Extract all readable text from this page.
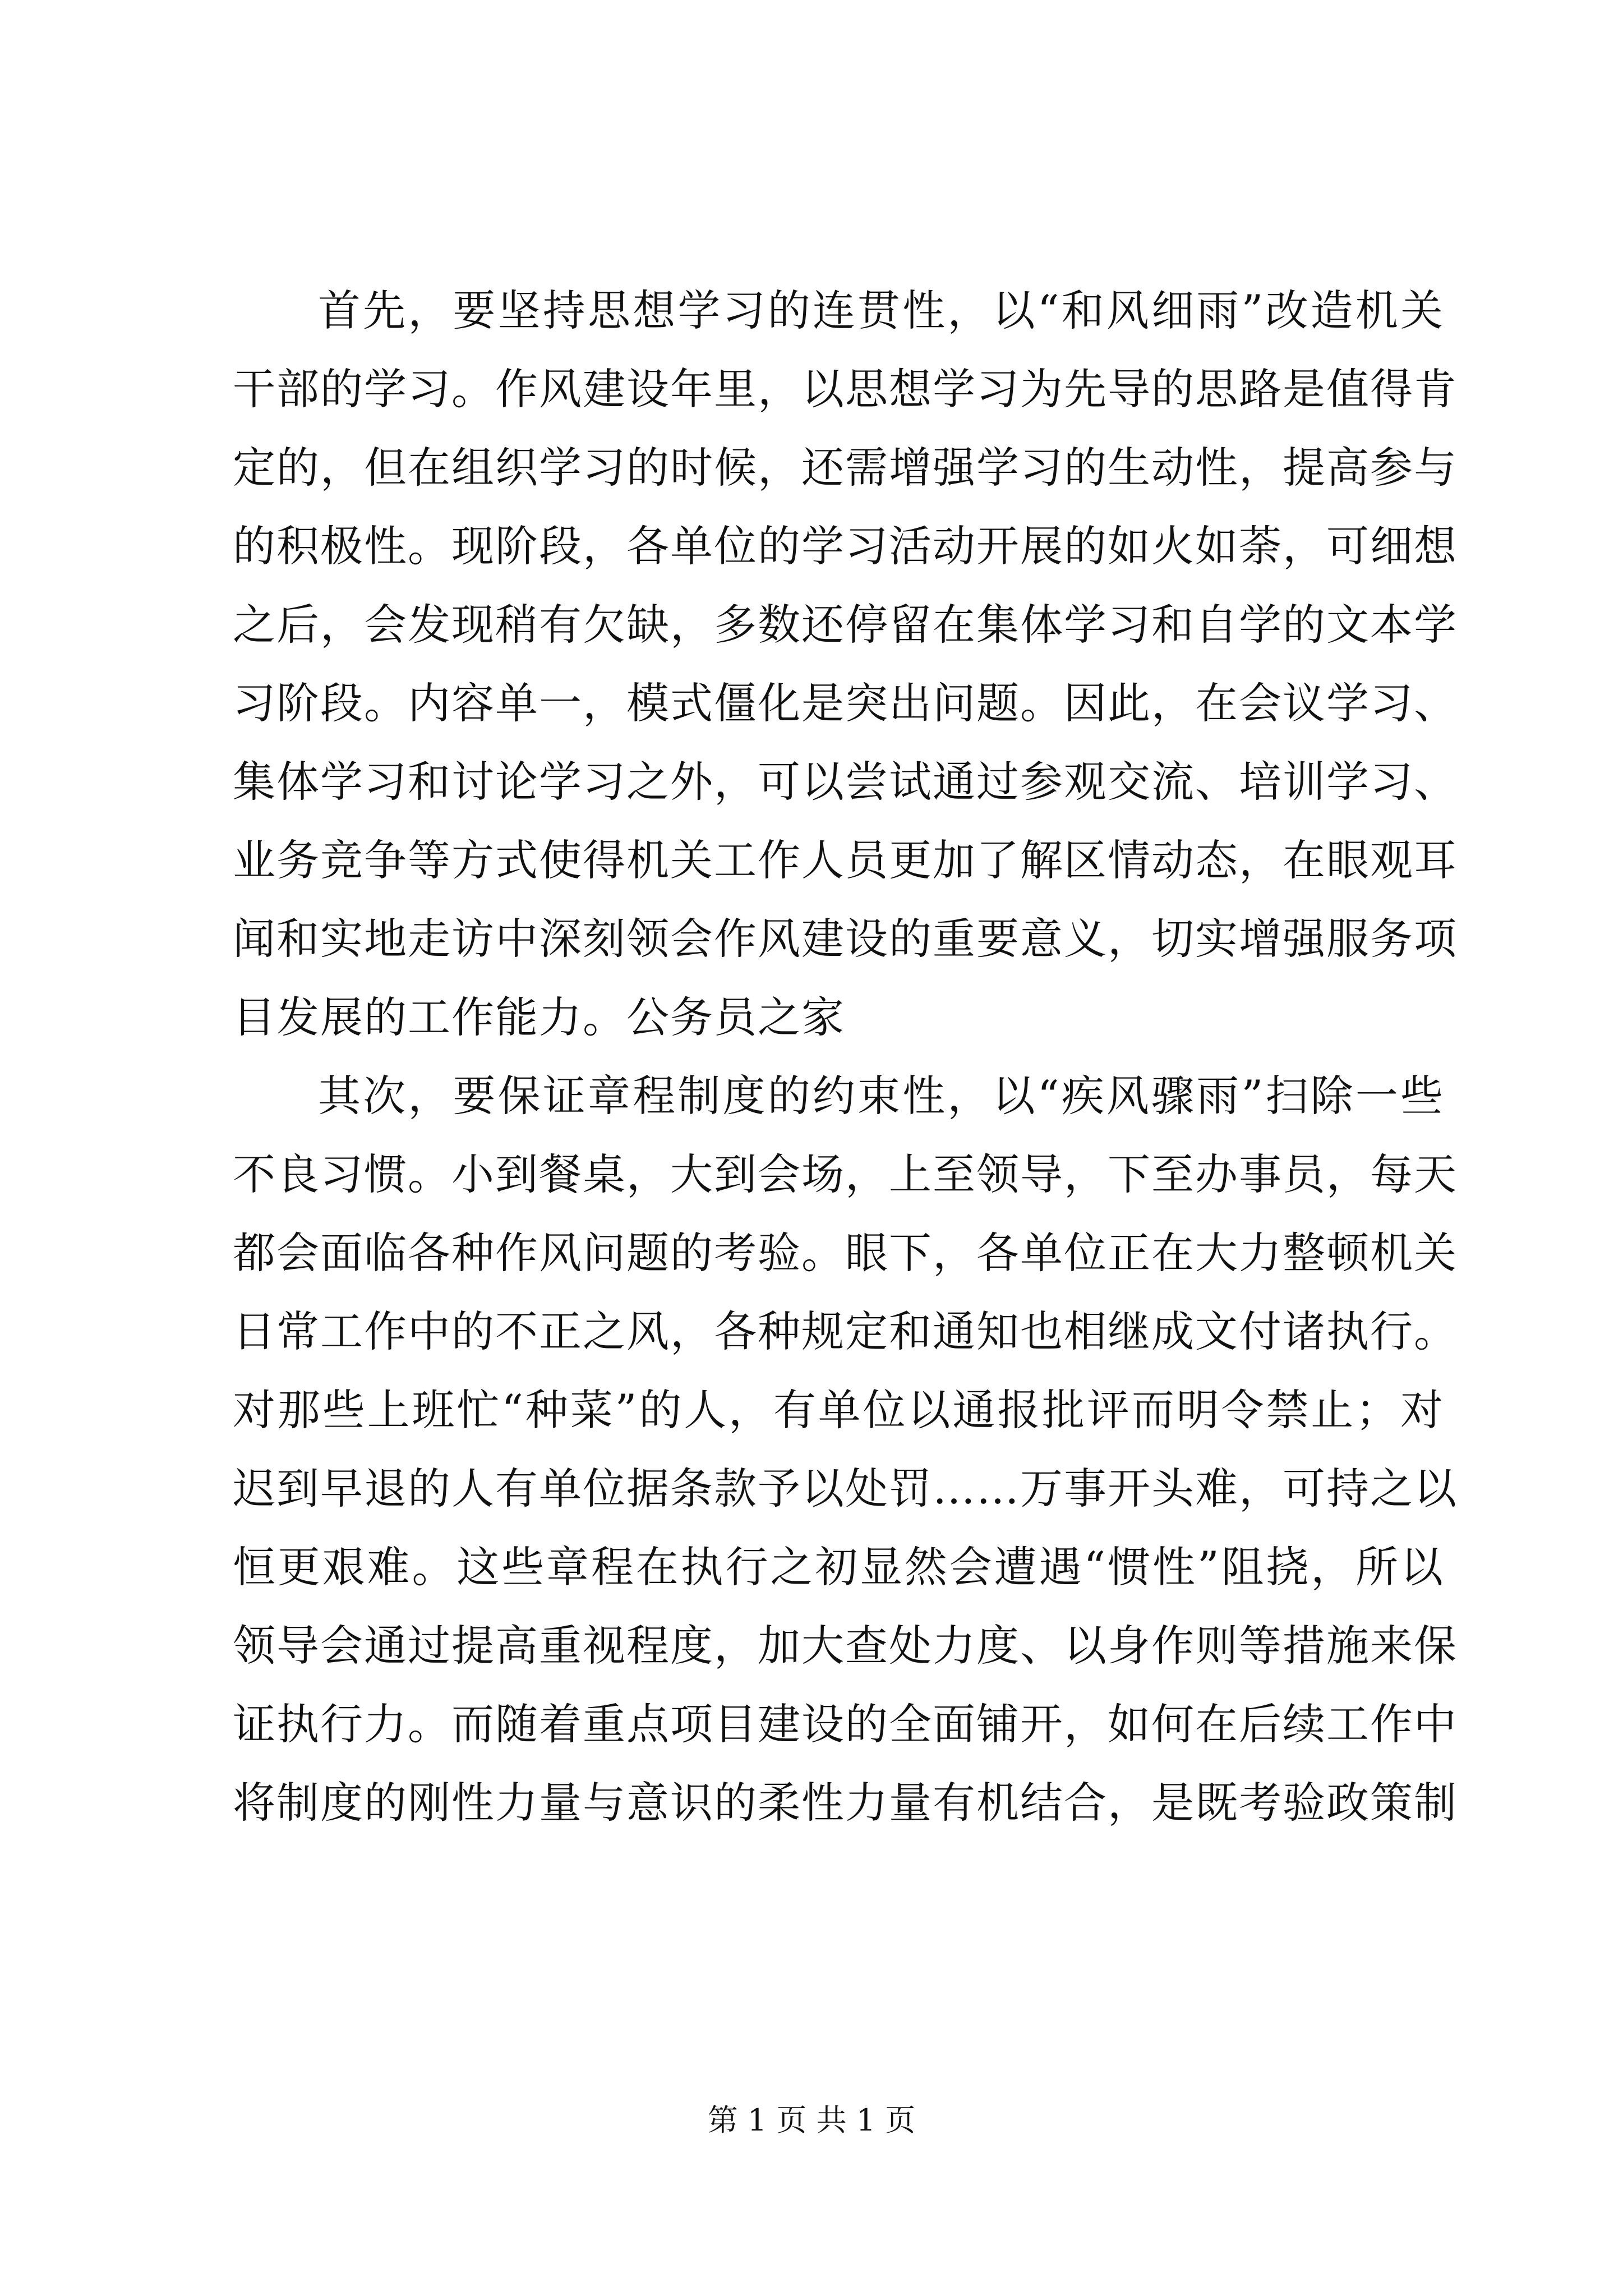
首先，要坚持思想学习的连贯性，以“和风细雨”改造机关
干部的学习。作风建设年里，以思想学习为先导的思路是值得肯
定的，但在组织学习的时候，还需增强学习的生动性，提高参与
的积极性。现阶段，各单位的学习活动开展的如火如荼，可细想
之后，会发现稍有欠缺，多数还停留在集体学习和自学的文本学
习阶段。内容单一，模式僵化是突出问题。因此，在会议学习、
集体学习和讨论学习之外，可以尝试通过参观交流、培训学习、
业务竞争等方式使得机关工作人员更加了解区情动态，在眼观耳
闻和实地走访中深刻领会作风建设的重要意义，切实增强服务项
目发展的工作能力。公务员之家
其次，要保证章程制度的约束性，以“疾风骤雨”扫除一些
不良习惯。小到餐桌，大到会场，上至领导，下至办事员，每天
都会面临各种作风问题的考验。眼下，各单位正在大力整顿机关
日常工作中的不正之风，各种规定和通知也相继成文付诸执行。
对那些上班忙“种菜”的人，有单位以通报批评而明令禁止；对
迟到早退的人有单位据条款予以处罚……万事开头难，可持之以
恒更艰难。这些章程在执行之初显然会遭遇“惯性”阻挠，所以
领导会通过提高重视程度，加大查处力度、以身作则等措施来保
证执行力。而随着重点项目建设的全面铺开，如何在后续工作中
将制度的刚性力量与意识的柔性力量有机结合，是既考验政策制
第 1 页 共 1 页
